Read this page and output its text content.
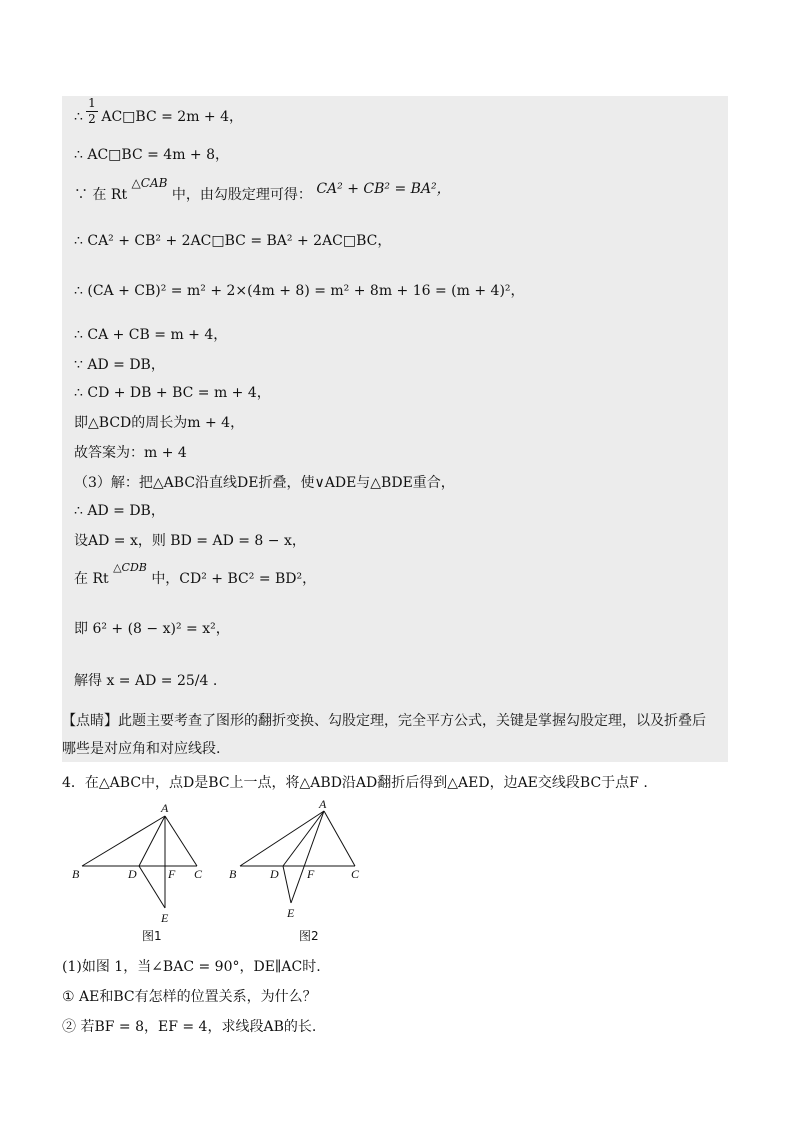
∴ AC□BC = 2m + 4，
1
2
∴ AC□BC = 4m + 8，
∵ 在 Rt △CAB 中，由勾股定理可得： CA² + CB² = BA²，
∴ CA² + CB² + 2AC□BC = BA² + 2AC□BC，
∴ (CA + CB)² = m² + 2×(4m + 8) = m² + 8m + 16 = (m + 4)²，
∴ CA + CB = m + 4，
∵ AD = DB，
∴ CD + DB + BC = m + 4，
即△BCD的周长为m + 4，
故答案为：m + 4
（3）解：把△ABC沿直线DE折叠，使∨ADE与△BDE重合，
∴ AD = DB，
设AD = x，则 BD = AD = 8 − x，
在 Rt $^{\triangle CDB}$ 中，CD² + BC² = BD²，
即 6² + (8 − x)² = x²，
解得 x = AD = 25/4 .
【点睛】此题主要考查了图形的翻折变换、勾股定理，完全平方公式，关键是掌握勾股定理，以及折叠后
哪些是对应角和对应线段.
4．在△ABC中，点D是BC上一点，将△ABD沿AD翻折后得到△AED，边AE交线段BC于点F .
A
B	C
D	F
E
图1
A
B	C
D F
E
图2
(1)如图 1，当∠BAC = 90°，DE∥AC时.
① AE和BC有怎样的位置关系，为什么？
② 若BF = 8，EF = 4，求线段AB的长.
